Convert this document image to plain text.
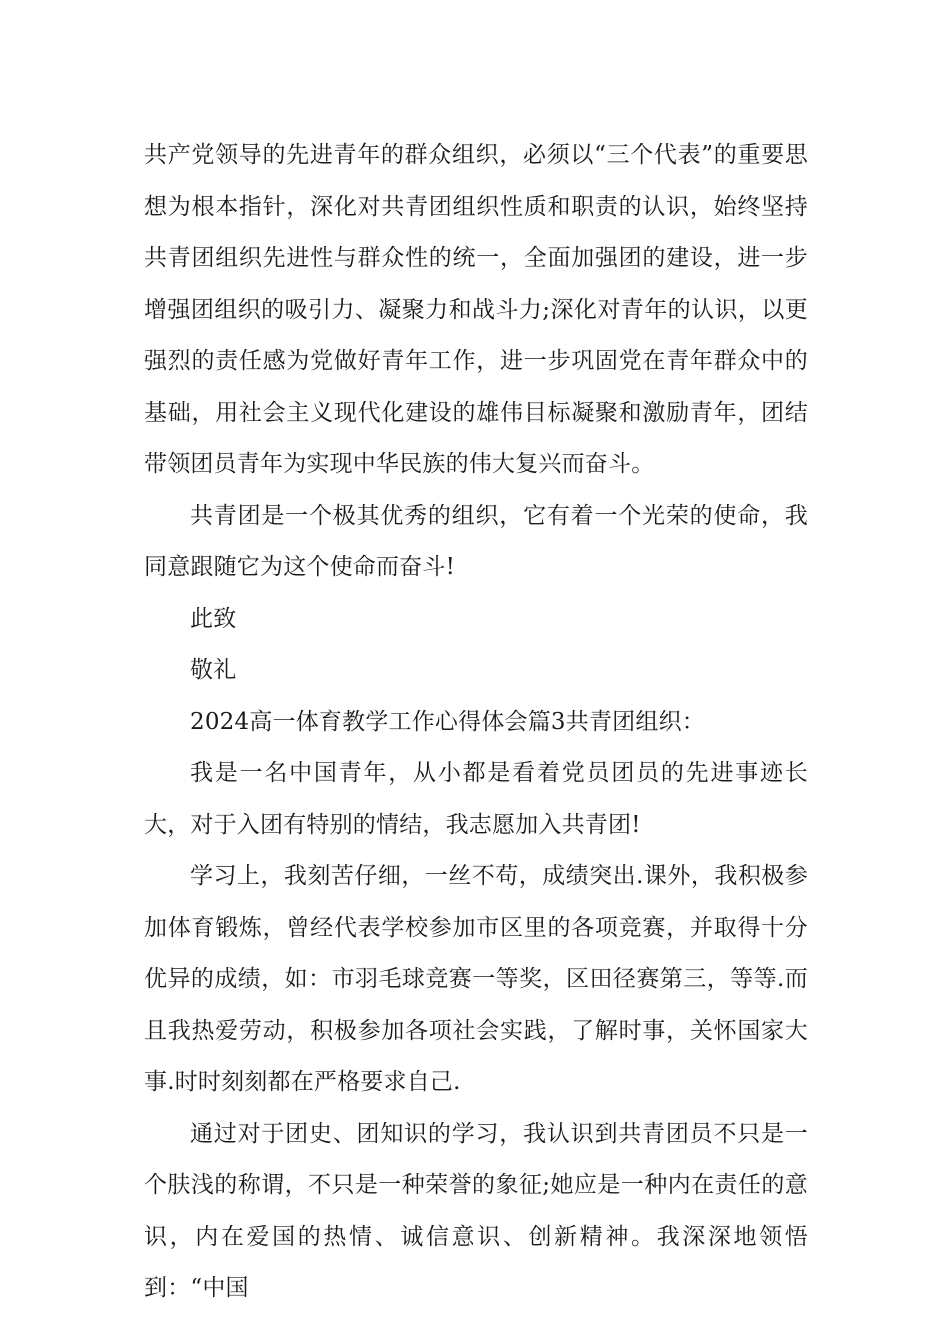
共产党领导的先进青年的群众组织，必须以“三个代表”的重要思想为根本指针，深化对共青团组织性质和职责的认识，始终坚持共青团组织先进性与群众性的统一，全面加强团的建设，进一步增强团组织的吸引力、凝聚力和战斗力;深化对青年的认识，以更强烈的责任感为党做好青年工作，进一步巩固党在青年群众中的基础，用社会主义现代化建设的雄伟目标凝聚和激励青年，团结带领团员青年为实现中华民族的伟大复兴而奋斗。

共青团是一个极其优秀的组织，它有着一个光荣的使命，我同意跟随它为这个使命而奋斗!

此致

敬礼

2024高一体育教学工作心得体会篇3共青团组织：

我是一名中国青年，从小都是看着党员团员的先进事迹长大，对于入团有特别的情结，我志愿加入共青团!

学习上，我刻苦仔细，一丝不苟，成绩突出.课外，我积极参加体育锻炼，曾经代表学校参加市区里的各项竞赛，并取得十分优异的成绩，如：市羽毛球竞赛一等奖，区田径赛第三，等等.而且我热爱劳动，积极参加各项社会实践，了解时事，关怀国家大事.时时刻刻都在严格要求自己.

通过对于团史、团知识的学习，我认识到共青团员不只是一个肤浅的称谓，不只是一种荣誉的象征;她应是一种内在责任的意识，内在爱国的热情、诚信意识、创新精神。我深深地领悟到：“中国
